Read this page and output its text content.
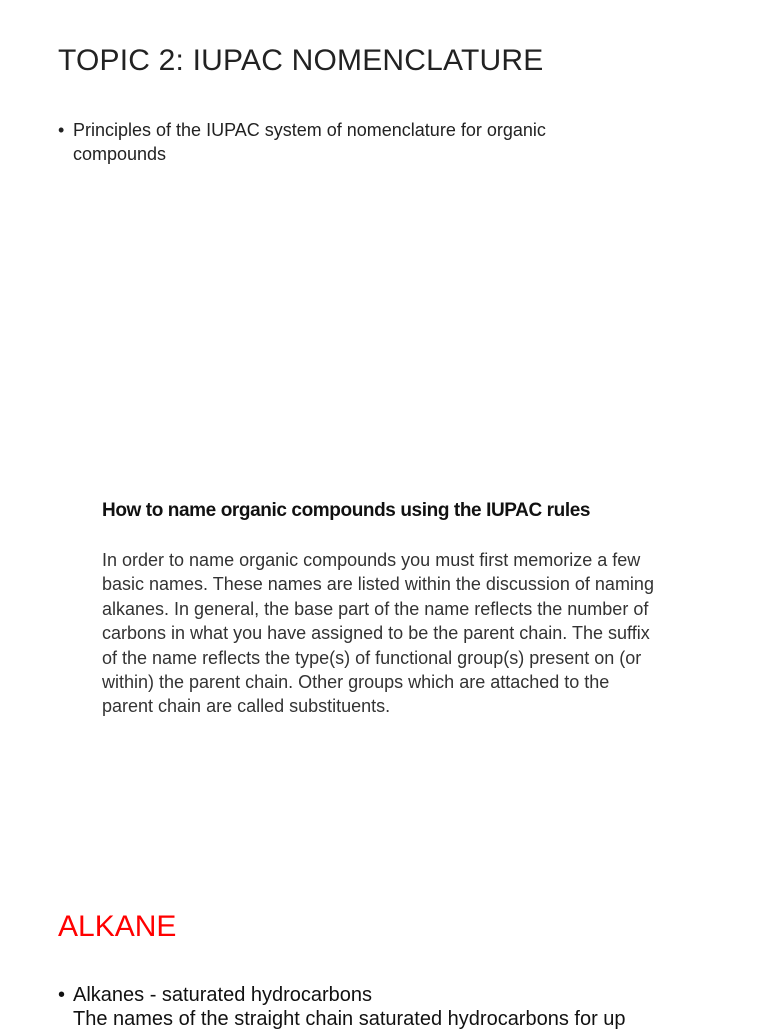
TOPIC 2: IUPAC NOMENCLATURE
• Principles of the IUPAC system of nomenclature for organic compounds
How to name organic compounds using the IUPAC rules

In order to name organic compounds you must first memorize a few basic names. These names are listed within the discussion of naming alkanes. In general, the base part of the name reflects the number of carbons in what you have assigned to be the parent chain. The suffix of the name reflects the type(s) of functional group(s) present on (or within) the parent chain. Other groups which are attached to the parent chain are called substituents.

ALKANE
• Alkanes - saturated hydrocarbons
The names of the straight chain saturated hydrocarbons for up
